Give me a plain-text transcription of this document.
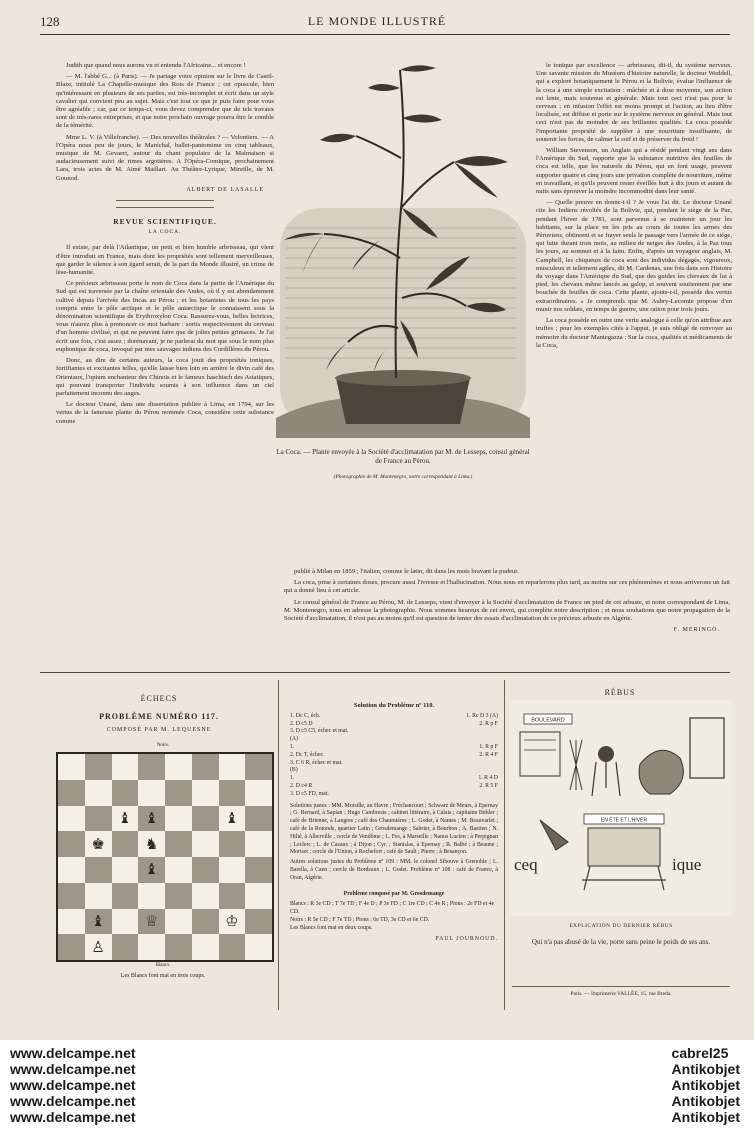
128	LE MONDE ILLUSTRÉ

Judith que quand nous aurons vu et entendu l'Africaine... et encore !

— M. l'abbé G... (à Paris). — Je partage votre opinion sur le livre de Castil-Blaze, intitulé La Chapelle-musique des Rois de France ; cet opuscule, bien qu'intéressant en plusieurs de ses parties, est très-incomplet et écrit dans un style cavalier qui convient peu au sujet. Mais c'est tout ce que je puis faire pour vous être agréable ; car, par ce temps-ci, vous devez comprendre que de tels travaux sont de très-rares entreprises, et que notre prochain ouvrage pourra être le comble de la témérité.

Mme L. V. (à Villefranche). — Des nouvelles théâtrales ? — Volontiers. — A l'Opéra nous peu de jours, le Maréchal, ballet-pantomime en cinq tableaux, musique de M. Gevaert, autour du chant populaire de la Malmaison si audacieusement suivi de rimes argotières. A l'Opéra-Comique, prochainement Lara, trois actes de M. Aimé Maillart. Au Théâtre-Lyrique, Mireille, de M. Gounod.

ALBERT DE LASALLE
REVUE SCIENTIFIQUE.
LA COCA.

Il existe, par delà l'Atlantique, un petit et bien humble arbrisseau, qui vient d'être introduit en France, mais dont les propriétés sont tellement merveilleuses, que garder le silence à son égard serait, de la part du Monde illustré, un crime de lèse-humanité.

Ce précieux arbrisseau porte le nom de Coca dans la partie de l'Amérique du Sud qui est traversée par la chaîne orientale des Andes, où il y est abondamment cultivé depuis l'arrivée des Incas au Pérou ; et les botanistes de tous les pays compris entre le pôle arctique et le pôle antarctique le connaissent sous la dénomination scientifique de Erythroxylon Coca. Rassurez-vous, belles lectrices, vous n'aurez plus à prononcer ce mot barbare : sortis respectivement du cerveau d'un homme civilisé, et qui ne peuvent faire que de jolies petites grimaces. Je l'ai écrit une fois, c'est assez ; dorénavant, je ne parlerai du mot que sous le nom plus euphonique de coca, invoqué par mes sauvages indiens des Cordillères du Pérou.

Donc, au dire de certains auteurs, la coca jouit des propriétés toniques, fortifiantes et excitantes telles, qu'elle laisse bien loin en arrière le divin café des Orientaux, l'opium enchanteur des Chinois et le fameux haschisch des Asiatiques, qui pouvant transporter l'individu soumis à son influence dans un ciel parfaitement inconnu des anges.

Le docteur Unané, dans une dissertation publiée à Lima, en 1794, sur les vertus de la fameuse plante du Pérou nommée Coca, considère cette substance comme

La Coca. — Plante envoyée à la Société d'acclimatation par M. de Lesseps, consul général de France au Pérou.
(Photographie de M. Montenegro, notre correspondant à Lima.)

le tonique par excellence — arbrisseau, dit-il, du système nerveux. Une savante mission du Muséum d'histoire naturelle, le docteur Weddell, qui a exploré botaniquement le Pérou et la Bolivie, évalue l'influence de la coca à une simple excitation : mâchée et à dose moyenne, son action est lente, mais soutenue et générale. Mais tout ceci n'est pas pour le cerveau ; en infusion l'effet est moins prompt et l'action, au lieu d'être localisée, est diffuse et porte sur le système nerveux en général. Mais tout ceci n'est pas de moindre de ses brillantes qualités. La coca possède l'importante propriété de suppléer à une nourriture insuffisante, de soutenir les forces, de calmer la soif et de préserver du froid !

William Stevenson, un Anglais qui a résidé pendant vingt ans dans l'Amérique du Sud, rapporte que la substance nutritive des feuilles de coca est telle, que les naturels du Pérou, qui en font usage, peuvent supporter quatre et cinq jours une privation complète de nourriture, même en travaillant, et qu'ils peuvent rester éveillés huit à dix jours et autant de nuits sans éprouver la moindre incommodité dans leur santé.

— Quelle preuve en donne-t-il ? Je vous l'ai dit. Le docteur Unané cite les Indiens révoltés de la Bolivie, qui, pendant le siège de la Paz, pendant l'hiver de 1781, sont parvenus à se maintenir un jour les habitants, sur la place en les pris au cours de toutes les armes des Péruviens, obtinrent et se frayer seuls le passage vers l'armée de ce siège, qui lutte durant trois mois, au milieu de neiges des Andes, à la Paz tous les jours, au sommet et à la faim. Enfin, d'après un voyageur anglais, M. Campbell, les chiqueurs de coca sont des individus dégagés, vigoureux, musculeux et tellement agiles, dit M. Cardenas, une fois dans son Histoire du voyage dans l'Amérique du Sud, que des guides les chevaux de lui à pied, les chevaux même lancés au galop, et souvent soutiennent par une bouchée de feuilles de coca. Cette plante, ajoute-t-il, possède des vertus extraordinaires. » Je comprends que M. Aubry-Lecomte propose d'en munir nos soldats, en temps de guerre, une ration pour trois jours.

La coca possède en outre une vertu analogue à celle qu'on attribue aux truffes ; pour les exemples cités à l'appui, je suis obligé de renvoyer au mémoire du docteur Mantegazza : Sur la coca, qualités et médicaments de la Coca,

publié à Milan en 1859 ; l'italien, comme le latin, dit dans les mots bravant la pudeur.

La coca, prise à certaines doses, procure aussi l'ivresse et l'hallucination. Nous nous en reparlerons plus tard, au moins sur ces phénomènes et nous arriverons un fait qui a donné lieu à cet article.

Le consul général de France au Pérou, M. de Lesseps, vient d'envoyer à la Société d'acclimatation de France un pied de cet arbuste, et notre correspondant de Lima, M. Montenegro, nous en adresse la photographie. Nous sommes heureux de cet envoi, qui complète notre description ; et nous souhaitons que notre propagation de la Société d'acclimatation, il n'est pas au moins qu'il est question de tenter des essais d'acclimatation de ce précieux arbuste en Algérie.

F. MERINGO.
ÉCHECS
PROBLÈME NUMÉRO 117.
COMPOSÉ PAR M. LEQUESNE
Noirs.
♝ ♝	♝
♚	♞
♝
♝	♕	♔
♙
Blancs.
Les Blancs font mat en trois coups.
Solution du Problème nº 110.
1. Dc C, éch.	1. Rc D 3 (A)
2. D c5 D	2. R p F
3. D c5 C5, échec et mat.
(A)
1.	1. R p F
2. Dc T, échec.	2. R 4 F
3. C 6 R, échec et mat.
(B)
1.	1. R 4 D
2. D c4 R	2. R 5 F
3. D c5 FD, mat.
Solutions justes : MM. Moisille, au Havre ; Fréchancourt ; Schwarz de Meurs, à Epernay ; G. Bernard, à Sapian ; Hugo Cambresis ; cabinet littéraire, à Calais ; capitaine Bühler ; café de Brienne, à Langres ; café des Chaumières ; L. Godet, à Nantes ; M. Beauvarlet ; café de la Rotonde, quartier Latin ; Grosdemange ; Sabrier, à Bourbon ; A. Bastien ; N. Hilié, à Alberville ; cercle de Vendôme ; L. Fes, à Marseille ; Nanus Lucien ; à Perpignan ; Leclerc ; L. de Cazaux ; à Dijon ; Cyr. ; Stanislas, à Epernay ; R. Balbé ; à Beaune ; Moriset ; cercle de l'Union, à Rochefort ; café de Sault ; Pierre ; à Besançon.
Autres solutions justes du Problème nº 109 : MM. le colonel Sibouve à Grenoble ; L. Barella, à Caen ; cercle de Bordeaux ; L. Godet. Problème nº 108 : café de France, à Oran, Algérie.
Problème composé par M. Grosdemange
Blancs : R 3e CD ; T 7e TD ; F 4e D ; P 3e FD ; C 1re CD ; C 4e R ; Pions : 2e FD et 4e CD.
Noirs : R 5e CD ; F 7e TD ; Pions : 6e TD, 3e CD et 6e CD.
Les Blancs font mat en deux coups.
PAUL JOURNOUD.
RÉBUS
BOULEVARD
EN ÉTÉ ET L'HIVER
ceq	ique
EXPLICATION DU DERNIER RÉBUS
Qui n'a pas abusé de la vie, porte sans peine le poids de ses ans.
Paris. — Imprimerie VALLÉE, 15, rue Breda.
www.delcampe.net
www.delcampe.net
www.delcampe.net
www.delcampe.net
www.delcampe.net
cabrel25
Antikobjet
Antikobjet
Antikobjet
Antikobjet
